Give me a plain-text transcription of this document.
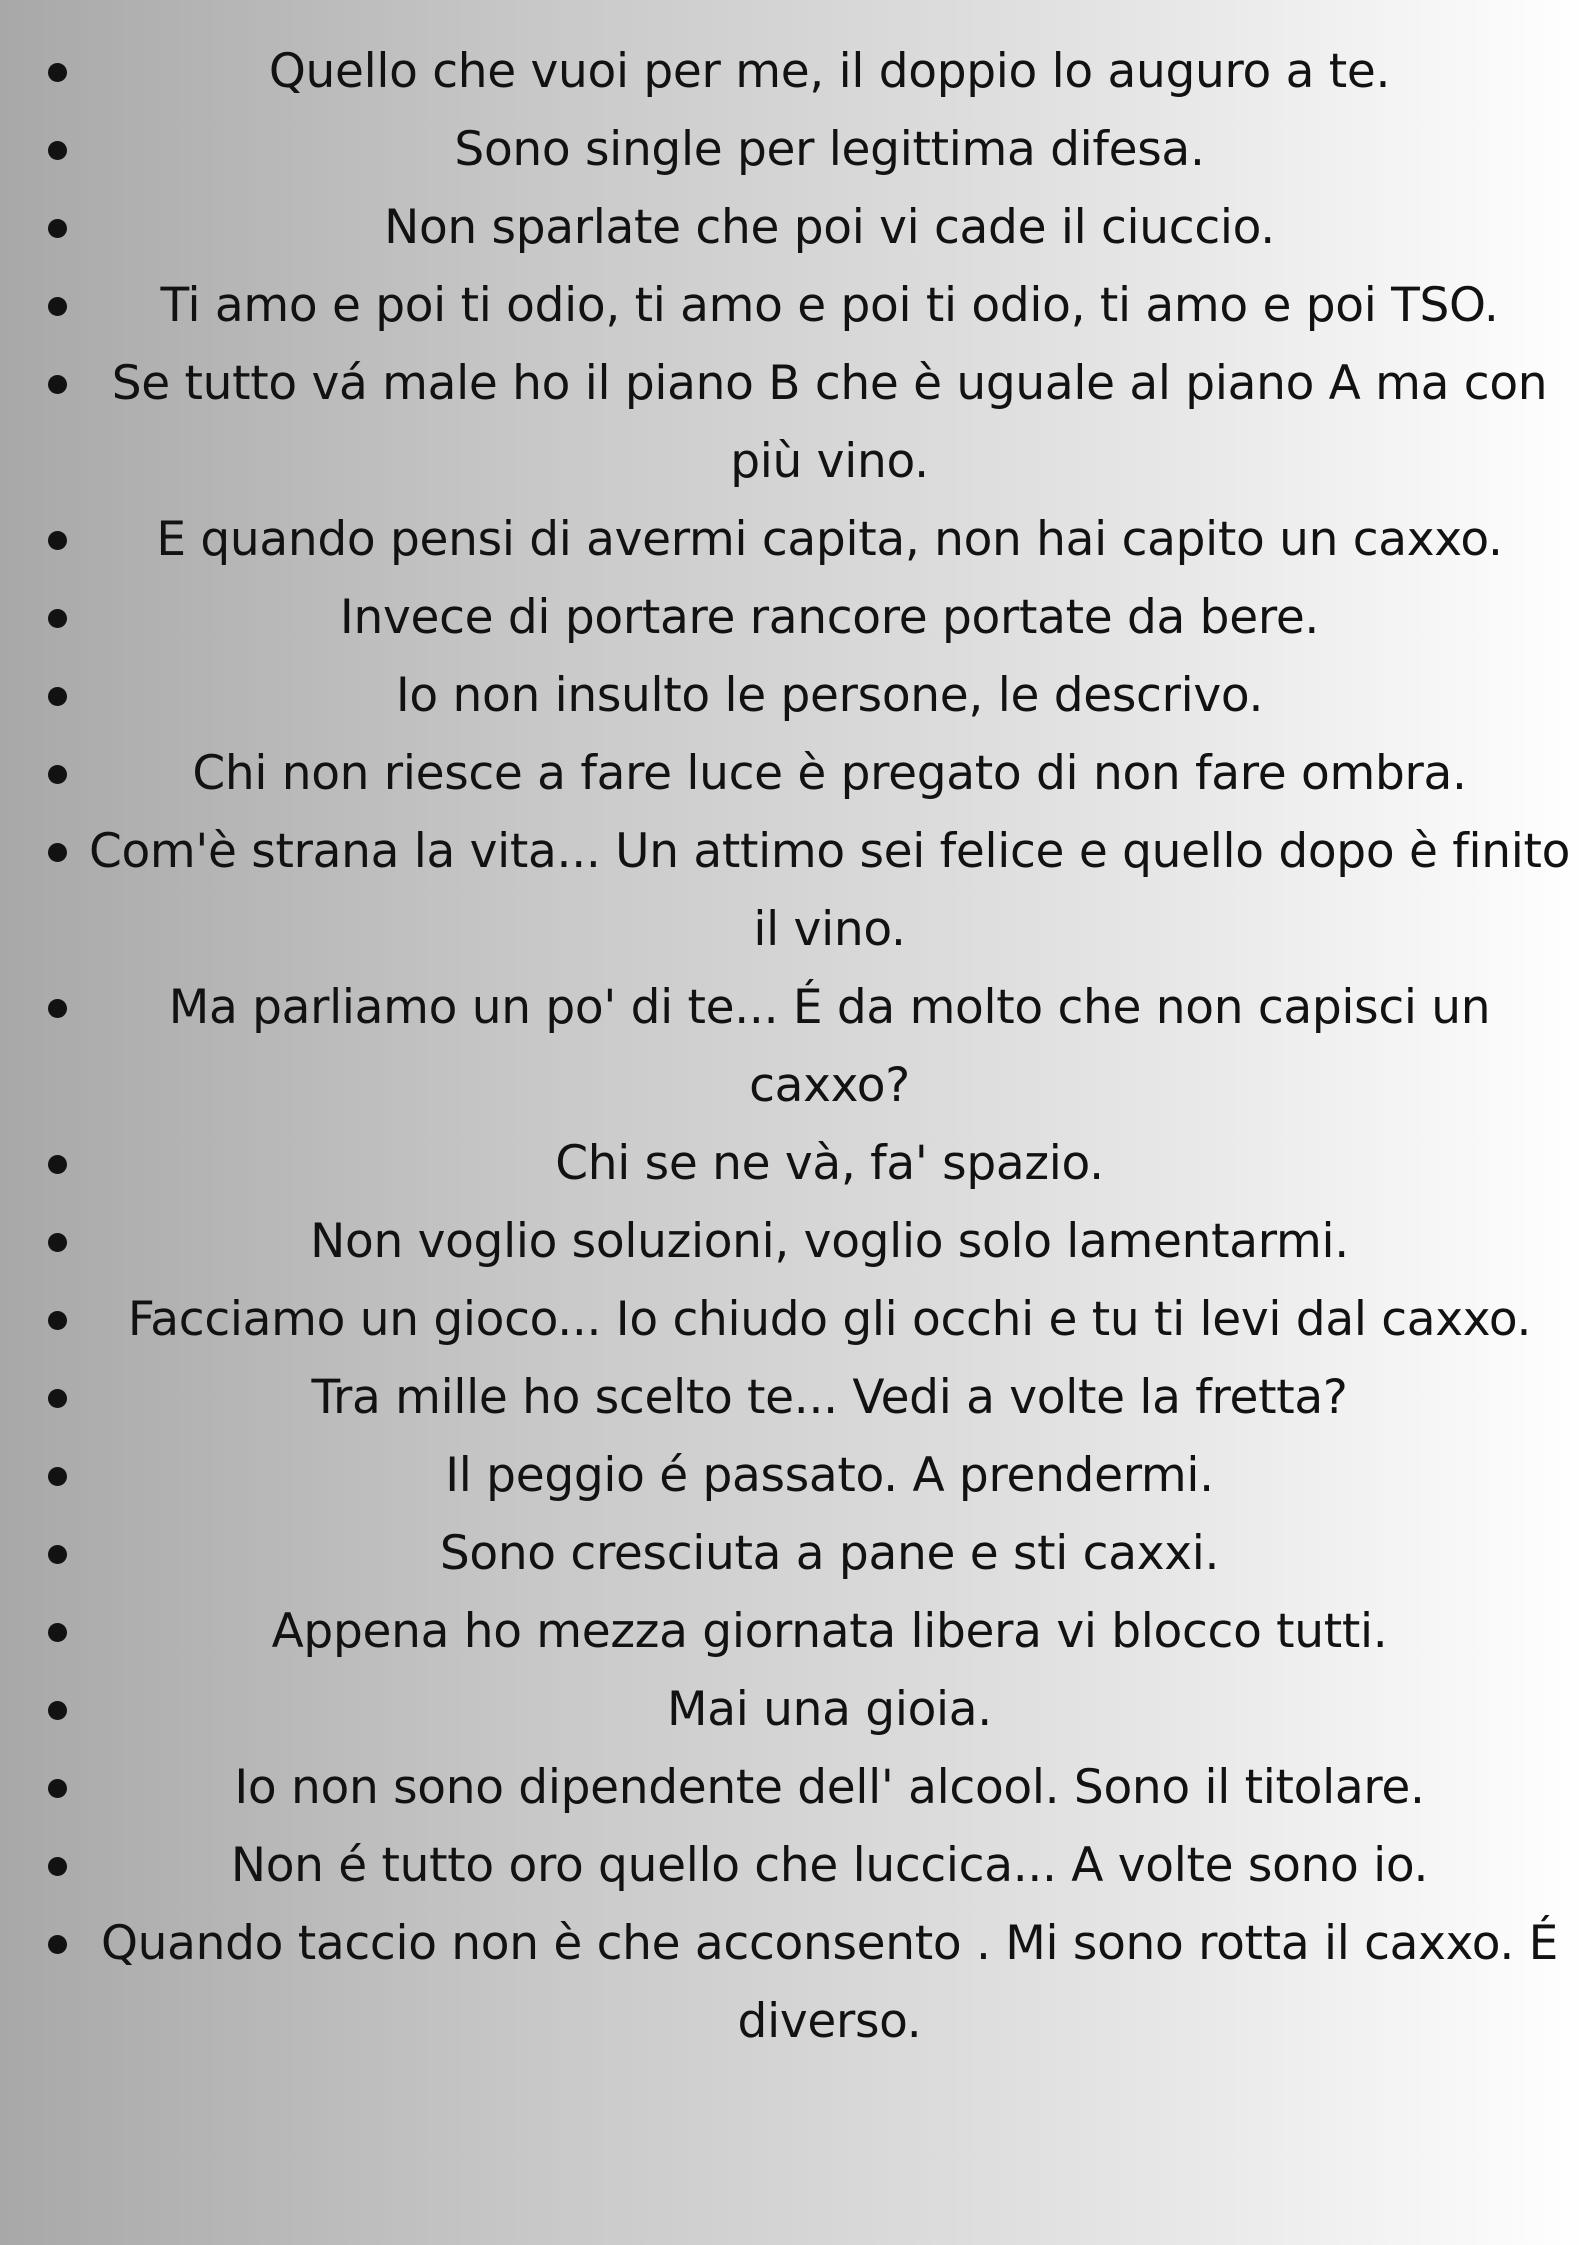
Quello che vuoi per me, il doppio lo auguro a te.
Sono single per legittima difesa.
Non sparlate che poi vi cade il ciuccio.
Ti amo e poi ti odio, ti amo e poi ti odio, ti amo e poi TSO.
Se tutto vá male ho il piano B che è uguale al piano A ma con più vino.
E quando pensi di avermi capita, non hai capito un caxxo.
Invece di portare rancore portate da bere.
Io non insulto le persone, le descrivo.
Chi non riesce a fare luce è pregato di non fare ombra.
Com'è strana la vita... Un attimo sei felice e quello dopo è finito il vino.
Ma parliamo un po' di te... É da molto che non capisci un caxxo?
Chi se ne và, fa' spazio.
Non voglio soluzioni, voglio solo lamentarmi.
Facciamo un gioco... Io chiudo gli occhi e tu ti levi dal caxxo.
Tra mille ho scelto te... Vedi a volte la fretta?
Il peggio é passato. A prendermi.
Sono cresciuta a pane e sti caxxi.
Appena ho mezza giornata libera vi blocco tutti.
Mai una gioia.
Io non sono dipendente dell' alcool. Sono il titolare.
Non é tutto oro quello che luccica... A volte sono io.
Quando taccio non è che acconsento . Mi sono rotta il caxxo. É diverso.
